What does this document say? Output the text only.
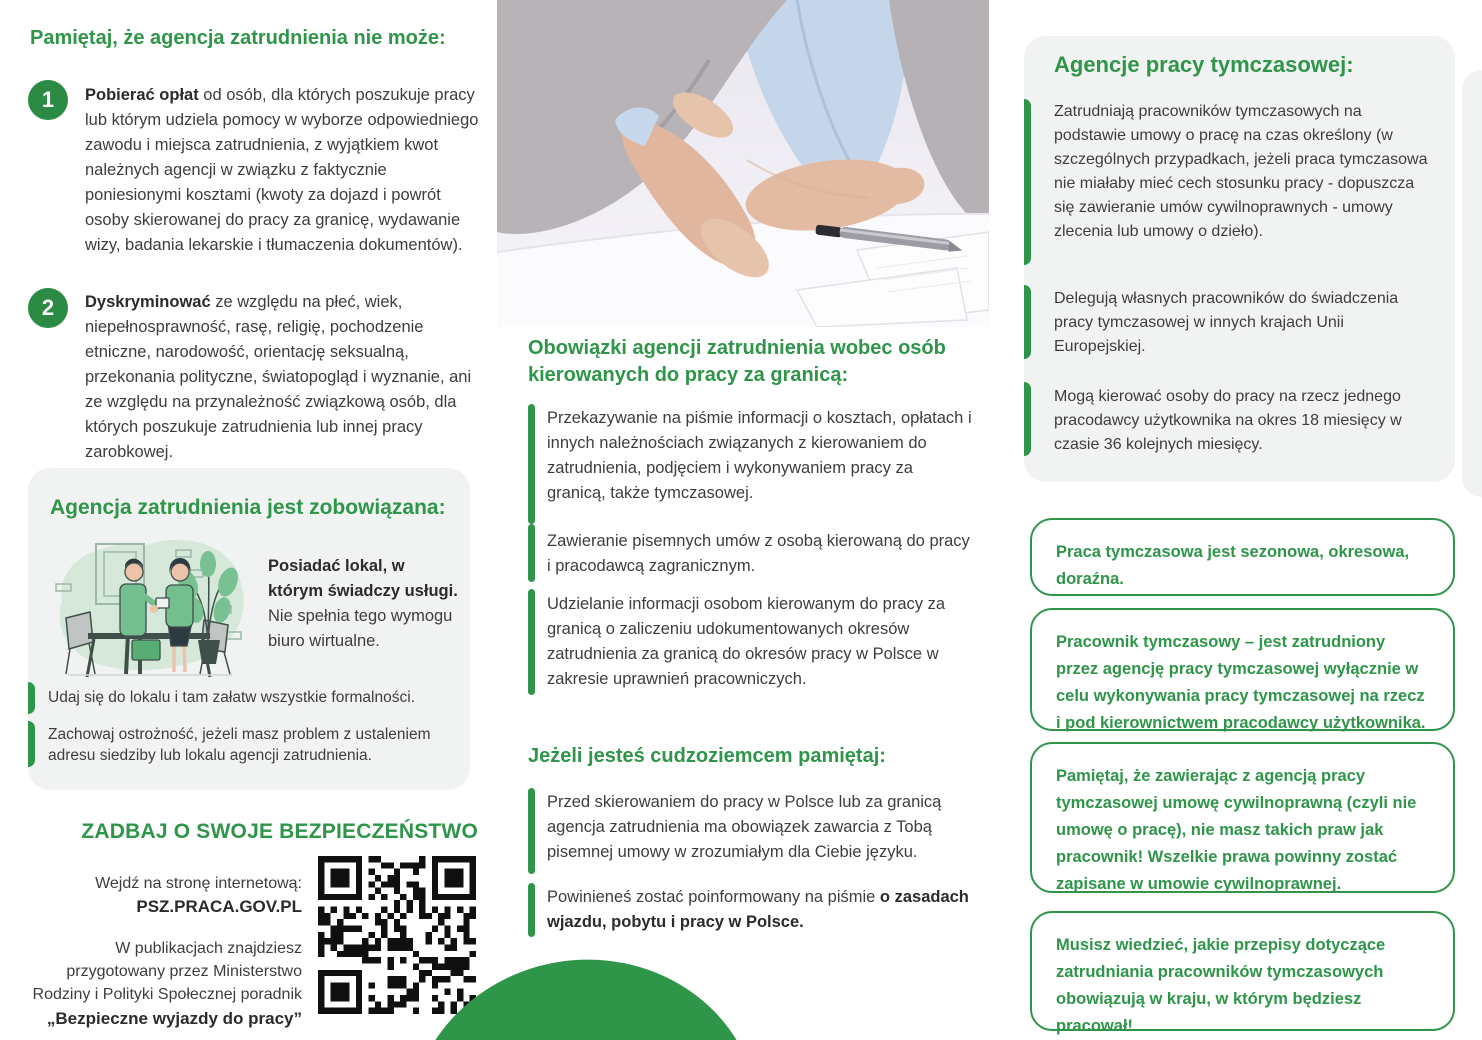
Pamiętaj, że agencja zatrudnienia nie może:
1	Pobierać opłat od osób, dla których poszukuje pracy lub którym udziela pomocy w wyborze odpowiedniego zawodu i miejsca zatrudnienia, z wyjątkiem kwot należnych agencji w związku z faktycznie poniesionymi kosztami (kwoty za dojazd i powrót osoby skierowanej do pracy za granicę, wydawanie wizy, badania lekarskie i tłumaczenia dokumentów).
2	Dyskryminować ze względu na płeć, wiek, niepełnosprawność, rasę, religię, pochodzenie etniczne, narodowość, orientację seksualną, przekonania polityczne, światopogląd i wyznanie, ani ze względu na przynależność związkową osób, dla których poszukuje zatrudnienia lub innej pracy zarobkowej.
Agencja zatrudnienia jest zobowiązana:
Posiadać lokal, w którym świadczy usługi. Nie spełnia tego wymogu biuro wirtualne.
Udaj się do lokalu i tam załatw wszystkie formalności.
Zachowaj ostrożność, jeżeli masz problem z ustaleniem adresu siedziby lub lokalu agencji zatrudnienia.
ZADBAJ O SWOJE BEZPIECZEŃSTWO
Wejdź na stronę internetową:
PSZ.PRACA.GOV.PL
W publikacjach znajdziesz przygotowany przez Ministerstwo Rodziny i Polityki Społecznej poradnik
„Bezpieczne wyjazdy do pracy”
Obowiązki agencji zatrudnienia wobec osób kierowanych do pracy za granicą:
Przekazywanie na piśmie informacji o kosztach, opłatach i innych należnościach związanych z kierowaniem do zatrudnienia, podjęciem i wykonywaniem pracy za granicą, także tymczasowej.
Zawieranie pisemnych umów z osobą kierowaną do pracy i pracodawcą zagranicznym.
Udzielanie informacji osobom kierowanym do pracy za granicą o zaliczeniu udokumentowanych okresów zatrudnienia za granicą do okresów pracy w Polsce w zakresie uprawnień pracowniczych.
Jeżeli jesteś cudzoziemcem pamiętaj:
Przed skierowaniem do pracy w Polsce lub za granicą agencja zatrudnienia ma obowiązek zawarcia z Tobą pisemnej umowy w zrozumiałym dla Ciebie języku.
Powinieneś zostać poinformowany na piśmie o zasadach wjazdu, pobytu i pracy w Polsce.
Agencje pracy tymczasowej:
Zatrudniają pracowników tymczasowych na podstawie umowy o pracę na czas określony (w szczególnych przypadkach, jeżeli praca tymczasowa nie miałaby mieć cech stosunku pracy - dopuszcza się zawieranie umów cywilnoprawnych - umowy zlecenia lub umowy o dzieło).
Delegują własnych pracowników do świadczenia pracy tymczasowej w innych krajach Unii Europejskiej.
Mogą kierować osoby do pracy na rzecz jednego pracodawcy użytkownika na okres 18 miesięcy w czasie 36 kolejnych miesięcy.
Praca tymczasowa jest sezonowa, okresowa, doraźna.
Pracownik tymczasowy – jest zatrudniony przez agencję pracy tymczasowej wyłącznie w celu wykonywania pracy tymczasowej na rzecz i pod kierownictwem pracodawcy użytkownika.
Pamiętaj, że zawierając z agencją pracy tymczasowej umowę cywilnoprawną (czyli nie umowę o pracę), nie masz takich praw jak pracownik! Wszelkie prawa powinny zostać zapisane w umowie cywilnoprawnej.
Musisz wiedzieć, jakie przepisy dotyczące zatrudniania pracowników tymczasowych obowiązują w kraju, w którym będziesz pracował!
